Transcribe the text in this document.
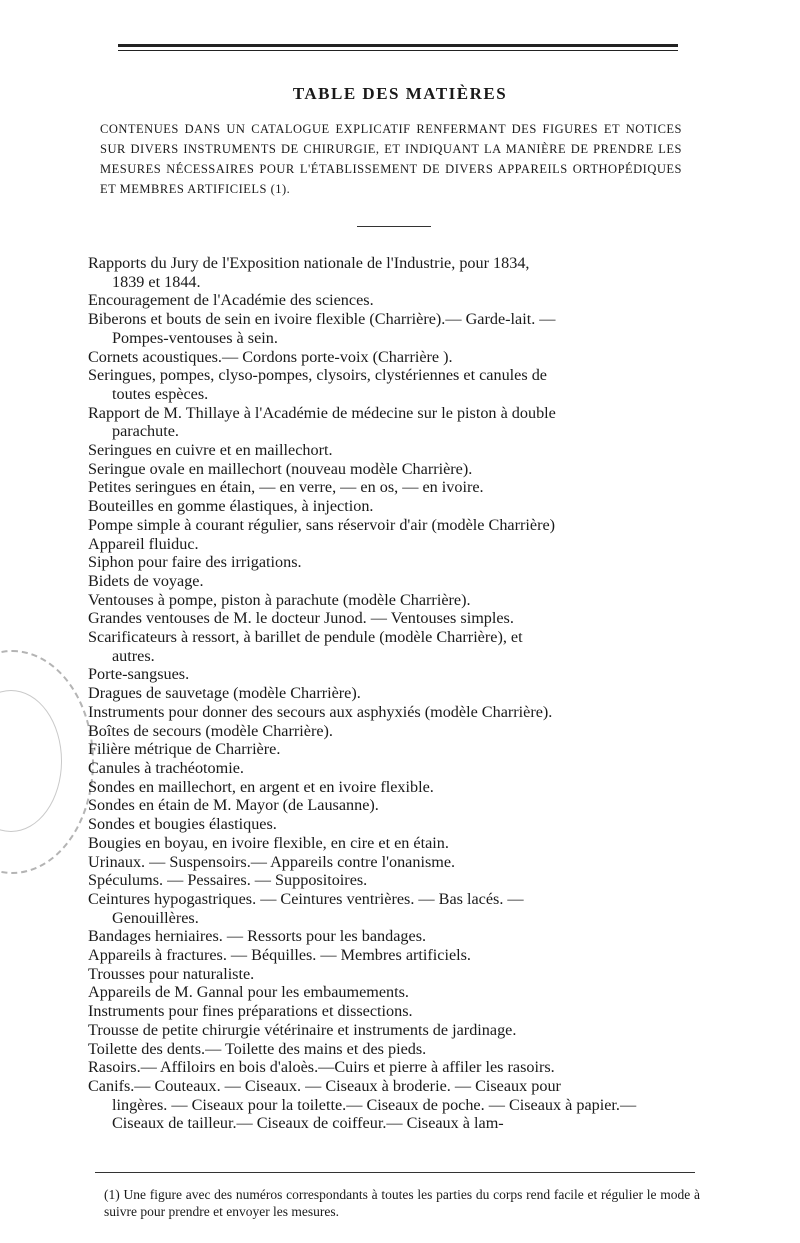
TABLE DES MATIÈRES
CONTENUES DANS UN CATALOGUE EXPLICATIF RENFERMANT DES FIGURES ET NOTICES SUR DIVERS INSTRUMENTS DE CHIRURGIE, ET INDIQUANT LA MANIÈRE DE PRENDRE LES MESURES NÉCESSAIRES POUR L'ÉTABLISSEMENT DE DIVERS APPAREILS ORTHOPÉDIQUES ET MEMBRES ARTIFICIELS (1).
Rapports du Jury de l'Exposition nationale de l'Industrie, pour 1834,
1839 et 1844.
Encouragement de l'Académie des sciences.
Biberons et bouts de sein en ivoire flexible (Charrière).— Garde-lait. —
Pompes-ventouses à sein.
Cornets acoustiques.— Cordons porte-voix (Charrière ).
Seringues, pompes, clyso-pompes, clysoirs, clystériennes et canules de
toutes espèces.
Rapport de M. Thillaye à l'Académie de médecine sur le piston à double
parachute.
Seringues en cuivre et en maillechort.
Seringue ovale en maillechort (nouveau modèle Charrière).
Petites seringues en étain, — en verre, — en os, — en ivoire.
Bouteilles en gomme élastiques, à injection.
Pompe simple à courant régulier, sans réservoir d'air (modèle Charrière)
Appareil fluiduc.
Siphon pour faire des irrigations.
Bidets de voyage.
Ventouses à pompe, piston à parachute (modèle Charrière).
Grandes ventouses de M. le docteur Junod. — Ventouses simples.
Scarificateurs à ressort, à barillet de pendule (modèle Charrière), et
autres.
Porte-sangsues.
Dragues de sauvetage (modèle Charrière).
Instruments pour donner des secours aux asphyxiés (modèle Charrière).
Boîtes de secours (modèle Charrière).
Filière métrique de Charrière.
Canules à trachéotomie.
Sondes en maillechort, en argent et en ivoire flexible.
Sondes en étain de M. Mayor (de Lausanne).
Sondes et bougies élastiques.
Bougies en boyau, en ivoire flexible, en cire et en étain.
Urinaux. — Suspensoirs.— Appareils contre l'onanisme.
Spéculums. — Pessaires. — Suppositoires.
Ceintures hypogastriques. — Ceintures ventrières. — Bas lacés. —
Genouillères.
Bandages herniaires. — Ressorts pour les bandages.
Appareils à fractures. — Béquilles. — Membres artificiels.
Trousses pour naturaliste.
Appareils de M. Gannal pour les embaumements.
Instruments pour fines préparations et dissections.
Trousse de petite chirurgie vétérinaire et instruments de jardinage.
Toilette des dents.— Toilette des mains et des pieds.
Rasoirs.— Affiloirs en bois d'aloès.—Cuirs et pierre à affiler les rasoirs.
Canifs.— Couteaux. — Ciseaux. — Ciseaux à broderie. — Ciseaux pour
lingères. — Ciseaux pour la toilette.— Ciseaux de poche. — Ciseaux à papier.— Ciseaux de tailleur.— Ciseaux de coiffeur.— Ciseaux à lam-
(1) Une figure avec des numéros correspondants à toutes les parties du corps rend facile et régulier le mode à suivre pour prendre et envoyer les mesures.
